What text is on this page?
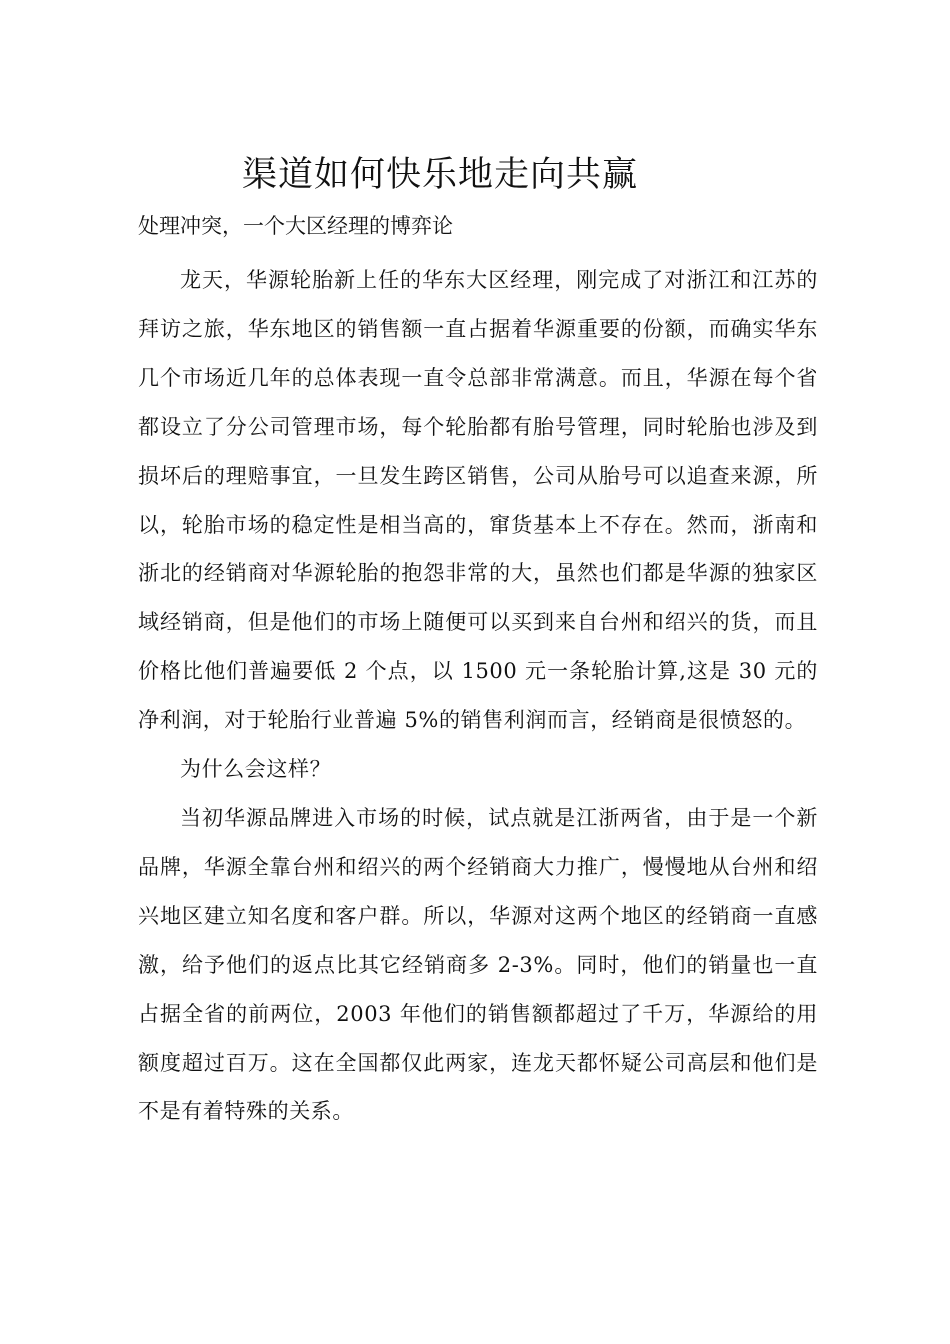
渠道如何快乐地走向共赢

处理冲突，一个大区经理的博弈论

龙天，华源轮胎新上任的华东大区经理，刚完成了对浙江和江苏的拜访之旅，华东地区的销售额一直占据着华源重要的份额，而确实华东几个市场近几年的总体表现一直令总部非常满意。而且，华源在每个省都设立了分公司管理市场，每个轮胎都有胎号管理，同时轮胎也涉及到损坏后的理赔事宜，一旦发生跨区销售，公司从胎号可以追查来源，所以，轮胎市场的稳定性是相当高的，窜货基本上不存在。然而，浙南和浙北的经销商对华源轮胎的抱怨非常的大，虽然也们都是华源的独家区域经销商，但是他们的市场上随便可以买到来自台州和绍兴的货，而且价格比他们普遍要低 2 个点，以 1500 元一条轮胎计算,这是 30 元的净利润，对于轮胎行业普遍 5%的销售利润而言，经销商是很愤怒的。

为什么会这样？

当初华源品牌进入市场的时候，试点就是江浙两省，由于是一个新品牌，华源全靠台州和绍兴的两个经销商大力推广，慢慢地从台州和绍兴地区建立知名度和客户群。所以，华源对这两个地区的经销商一直感激，给予他们的返点比其它经销商多 2-3%。同时，他们的销量也一直占据全省的前两位，2003 年他们的销售额都超过了千万，华源给的用额度超过百万。这在全国都仅此两家，连龙天都怀疑公司高层和他们是不是有着特殊的关系。
